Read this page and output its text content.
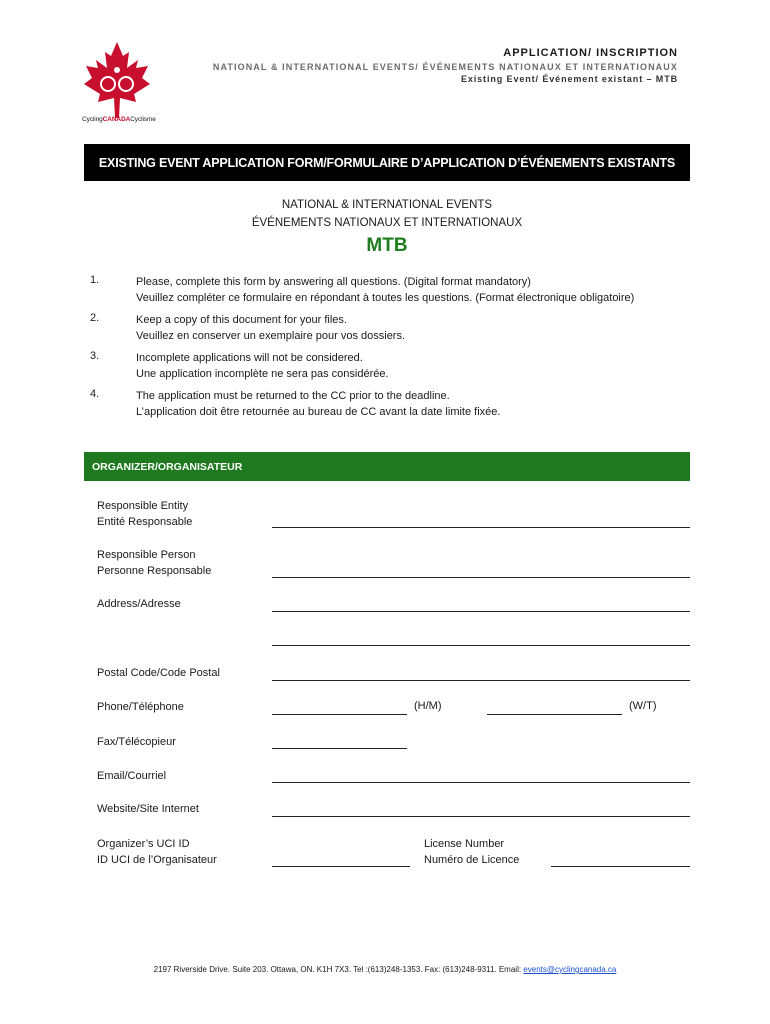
CyclingCANADACyclisme
APPLICATION/ INSCRIPTION
NATIONAL & INTERNATIONAL EVENTS/ ÉVÉNEMENTS NATIONAUX ET INTERNATIONAUX
Existing Event/ Événement existant – MTB
EXISTING EVENT APPLICATION FORM/FORMULAIRE D’APPLICATION D’ÉVÉNEMENTS EXISTANTS
NATIONAL & INTERNATIONAL EVENTS
ÉVÉNEMENTS NATIONAUX ET INTERNATIONAUX
MTB
1.	Please, complete this form by answering all questions. (Digital format mandatory)
Veuillez compléter ce formulaire en répondant à toutes les questions. (Format électronique obligatoire)
2.	Keep a copy of this document for your files.
Veuillez en conserver un exemplaire pour vos dossiers.
3.	Incomplete applications will not be considered.
Une application incomplète ne sera pas considérée.
4.	The application must be returned to the CC prior to the deadline.
L’application doit être retournée au bureau de CC avant la date limite fixée.
ORGANIZER/ORGANISATEUR
Responsible Entity
Entité Responsable
Responsible Person
Personne Responsable
Address/Adresse
Postal Code/Code Postal
Phone/Téléphone	(H/M)	(W/T)
Fax/Télécopieur
Email/Courriel
Website/Site Internet
Organizer’s UCI ID
ID UCI de l’Organisateur
License Number
Numéro de Licence
2197 Riverside Drive. Suite 203. Ottawa, ON. K1H 7X3. Tel :(613)248-1353. Fax: (613)248-9311. Email: events@cyclingcanada.ca
